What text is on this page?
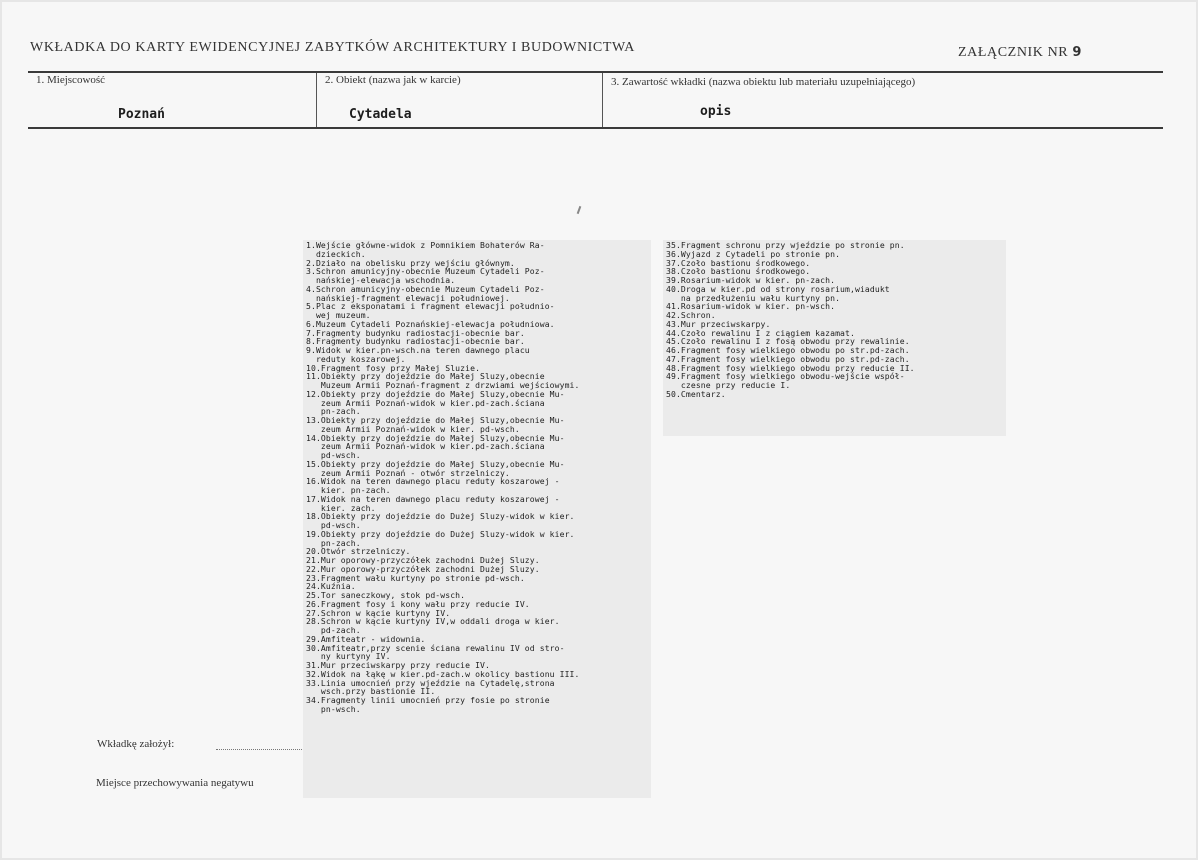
WKŁADKA DO KARTY EWIDENCYJNEJ ZABYTKÓW ARCHITEKTURY I BUDOWNICTWA	ZAŁĄCZNIK NR 9
1. Miejscowość
Poznań
2. Obiekt (nazwa jak w karcie)
Cytadela
3. Zawartość wkładki (nazwa obiektu lub materiału uzupełniającego)
opis
Wkładkę założył:
Miejsce przechowywania negatywu
1.Wejście główne-widok z Pomnikiem Bohaterów Ra-
dzieckich.
2.Działo na obelisku przy wejściu głównym.
3.Schron amunicyjny-obecnie Muzeum Cytadeli Poz-
nańskiej-elewacja wschodnia.
4.Schron amunicyjny-obecnie Muzeum Cytadeli Poz-
nańskiej-fragment elewacji południowej.
5.Plac z eksponatami i fragment elewacji południo-
wej muzeum.
6.Muzeum Cytadeli Poznańskiej-elewacja południowa.
7.Fragmenty budynku radiostacji-obecnie bar.
8.Fragmenty budynku radiostacji-obecnie bar.
9.Widok w kier.pn-wsch.na teren dawnego placu
reduty koszarowej.
10.Fragment fosy przy Małej Sluzie.
11.Obiekty przy dojeździe do Małej Sluzy,obecnie
Muzeum Armii Poznań-fragment z drzwiami wejściowymi.
12.Obiekty przy dojeździe do Małej Sluzy,obecnie Mu-
zeum Armii Poznań-widok w kier.pd-zach.ściana
pn-zach.
13.Obiekty przy dojeździe do Małej Sluzy,obecnie Mu-
zeum Armii Poznań-widok w kier. pd-wsch.
14.Obiekty przy dojeździe do Małej Sluzy,obecnie Mu-
zeum Armii Poznań-widok w kier.pd-zach.ściana
pd-wsch.
15.Obiekty przy dojeździe do Małej Sluzy,obecnie Mu-
zeum Armii Poznań - otwór strzelniczy.
16.Widok na teren dawnego placu reduty koszarowej -
kier. pn-zach.
17.Widok na teren dawnego placu reduty koszarowej -
kier. zach.
18.Obiekty przy dojeździe do Dużej Sluzy-widok w kier.
pd-wsch.
19.Obiekty przy dojeździe do Dużej Sluzy-widok w kier.
pn-zach.
20.Otwór strzelniczy.
21.Mur oporowy-przyczółek zachodni Dużej Sluzy.
22.Mur oporowy-przyczółek zachodni Dużej Sluzy.
23.Fragment wału kurtyny po stronie pd-wsch.
24.Kuźnia.
25.Tor saneczkowy, stok pd-wsch.
26.Fragment fosy i kony wału przy reducie IV.
27.Schron w kącie kurtyny IV.
28.Schron w kącie kurtyny IV,w oddali droga w kier.
pd-zach.
29.Amfiteatr - widownia.
30.Amfiteatr,przy scenie ściana rewalinu IV od stro-
ny kurtyny IV.
31.Mur przeciwskarpy przy reducie IV.
32.Widok na łąkę w kier.pd-zach.w okolicy bastionu III.
33.Linia umocnień przy wjeździe na Cytadelę,strona
wsch.przy bastionie II.
34.Fragmenty linii umocnień przy fosie po stronie
pn-wsch.
35.Fragment schronu przy wjeździe po stronie pn.
36.Wyjazd z Cytadeli po stronie pn.
37.Czoło bastionu środkowego.
38.Czoło bastionu środkowego.
39.Rosarium-widok w kier. pn-zach.
40.Droga w kier.pd od strony rosarium,wiadukt
na przedłużeniu wału kurtyny pn.
41.Rosarium-widok w kier. pn-wsch.
42.Schron.
43.Mur przeciwskarpy.
44.Czoło rewalinu I z ciągiem kazamat.
45.Czoło rewalinu I z fosą obwodu przy rewalinie.
46.Fragment fosy wielkiego obwodu po str.pd-zach.
47.Fragment fosy wielkiego obwodu po str.pd-zach.
48.Fragment fosy wielkiego obwodu przy reducie II.
49.Fragment fosy wielkiego obwodu-wejście współ-
czesne przy reducie I.
50.Cmentarz.
